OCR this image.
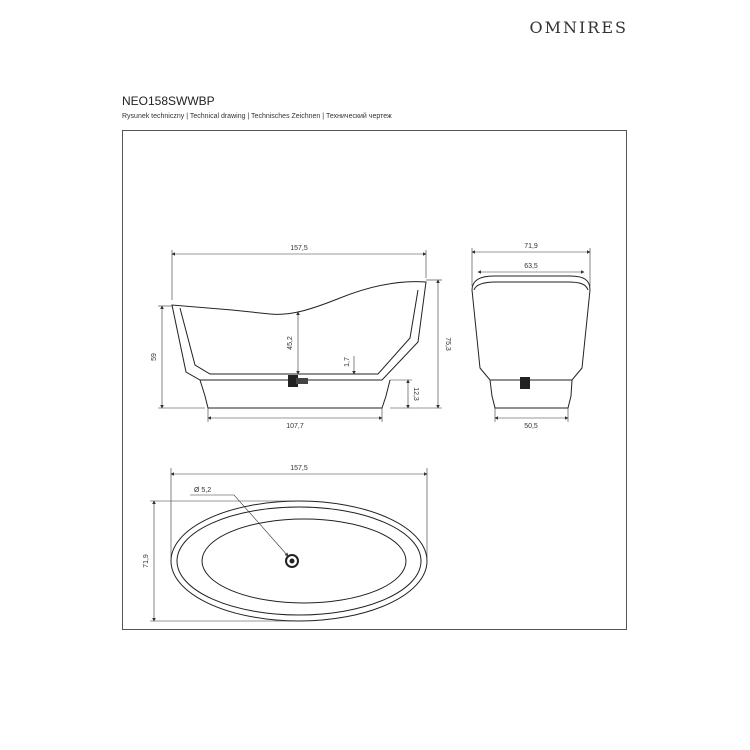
OMNIRES
NEO158SWWBP
Rysunek techniczny | Technical drawing | Technisches Zeichnen | Технический чертеж
157,5
59
75,3
45,2
1,7
12,3
107,7
71,9
63,5
50,5
157,5
71,9
Ø 5,2
